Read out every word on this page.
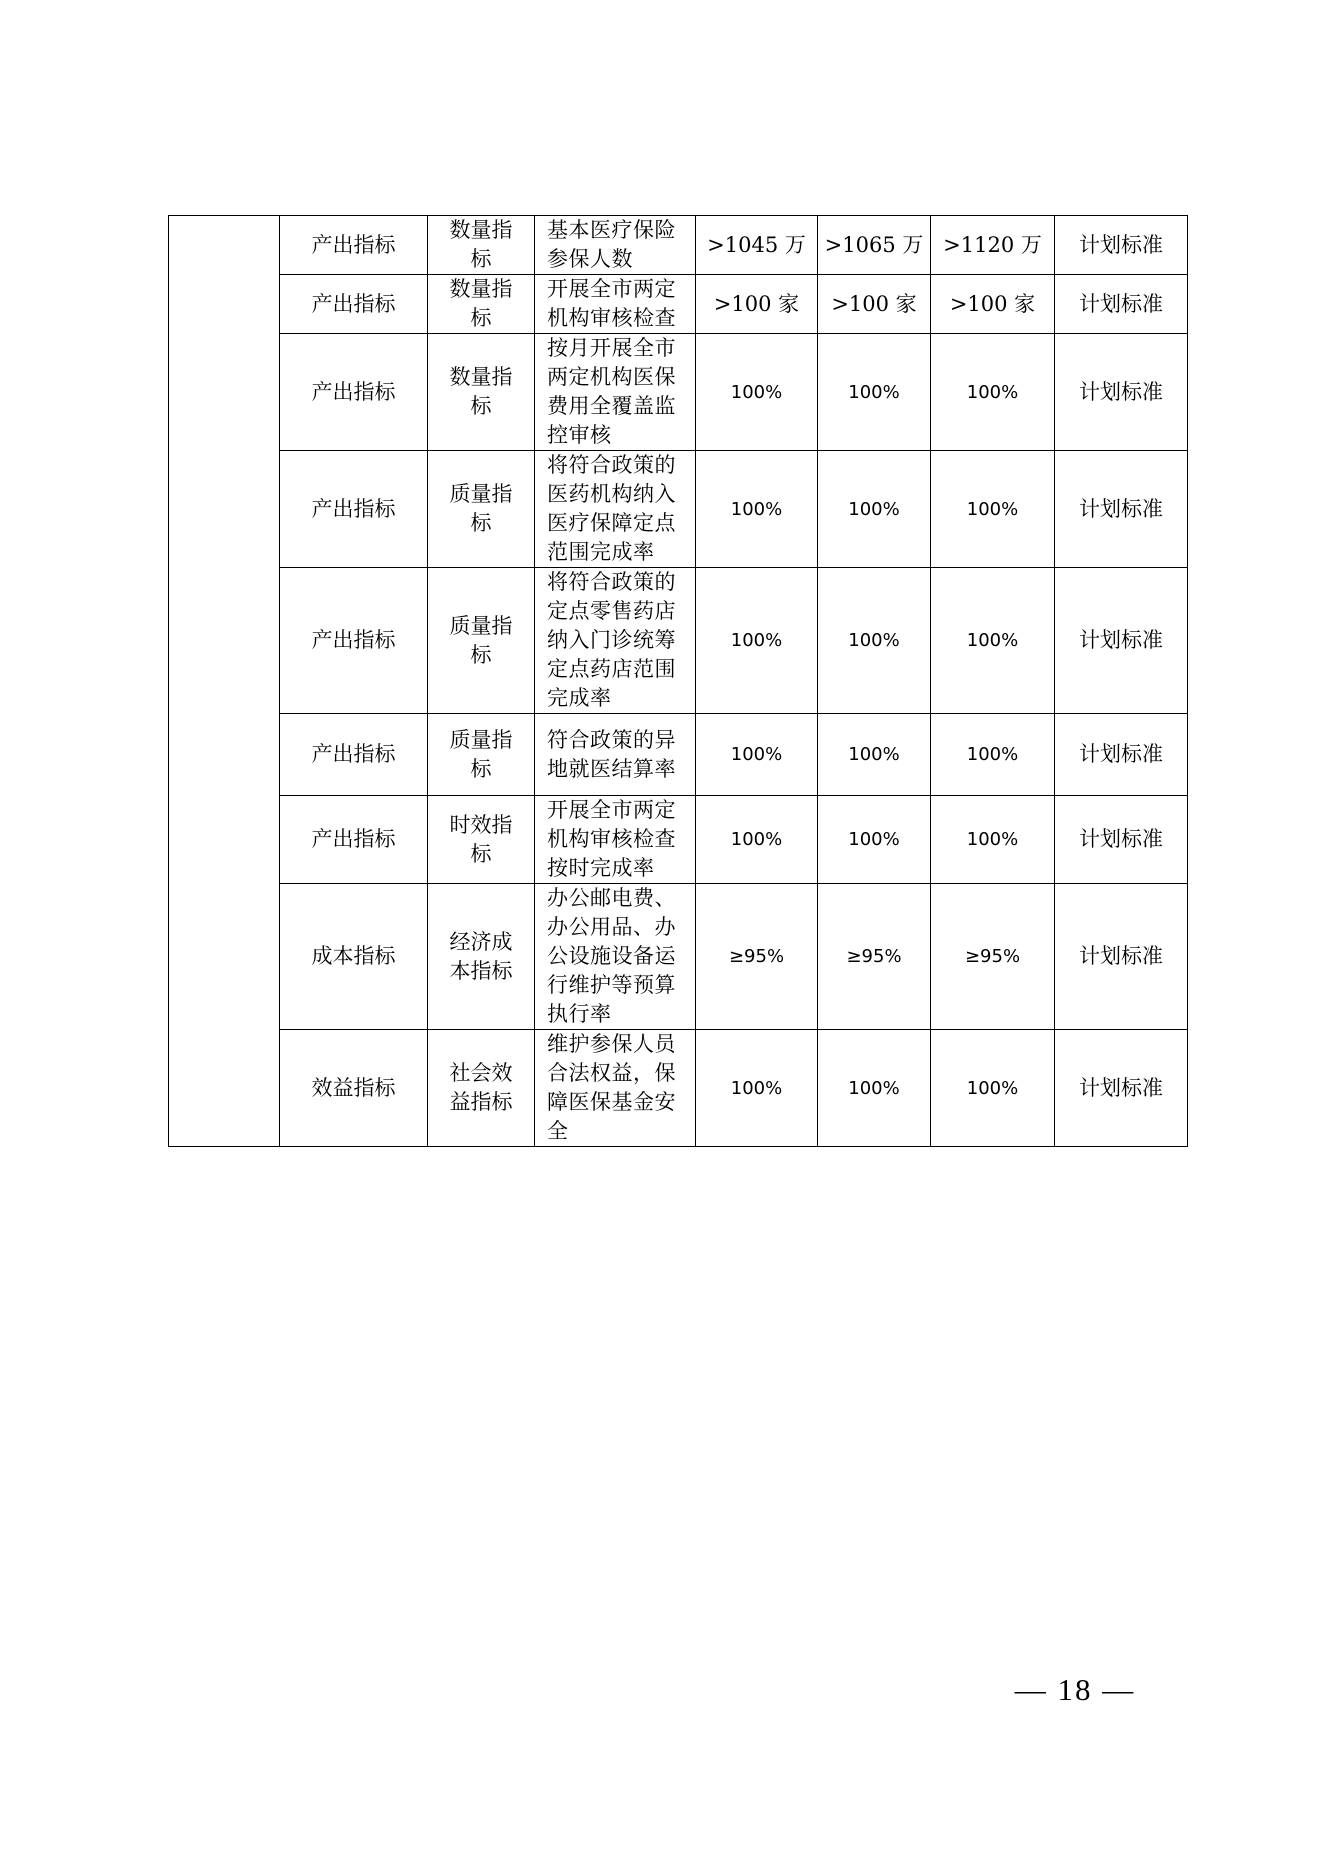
	产出指标	数量指标	基本医疗保险参保人数	>1045 万	>1065 万	>1120 万	计划标准
	产出指标	数量指标	开展全市两定机构审核检查	>100 家	>100 家	>100 家	计划标准
	产出指标	数量指标	按月开展全市两定机构医保费用全覆盖监控审核	100%	100%	100%	计划标准
	产出指标	质量指标	将符合政策的医药机构纳入医疗保障定点范围完成率	100%	100%	100%	计划标准
	产出指标	质量指标	将符合政策的定点零售药店纳入门诊统筹定点药店范围完成率	100%	100%	100%	计划标准
	产出指标	质量指标	符合政策的异地就医结算率	100%	100%	100%	计划标准
	产出指标	时效指标	开展全市两定机构审核检查按时完成率	100%	100%	100%	计划标准
	成本指标	经济成本指标	办公邮电费、办公用品、办公设施设备运行维护等预算执行率	≥95%	≥95%	≥95%	计划标准
	效益指标	社会效益指标	维护参保人员合法权益，保障医保基金安全	100%	100%	100%	计划标准
— 18 —
